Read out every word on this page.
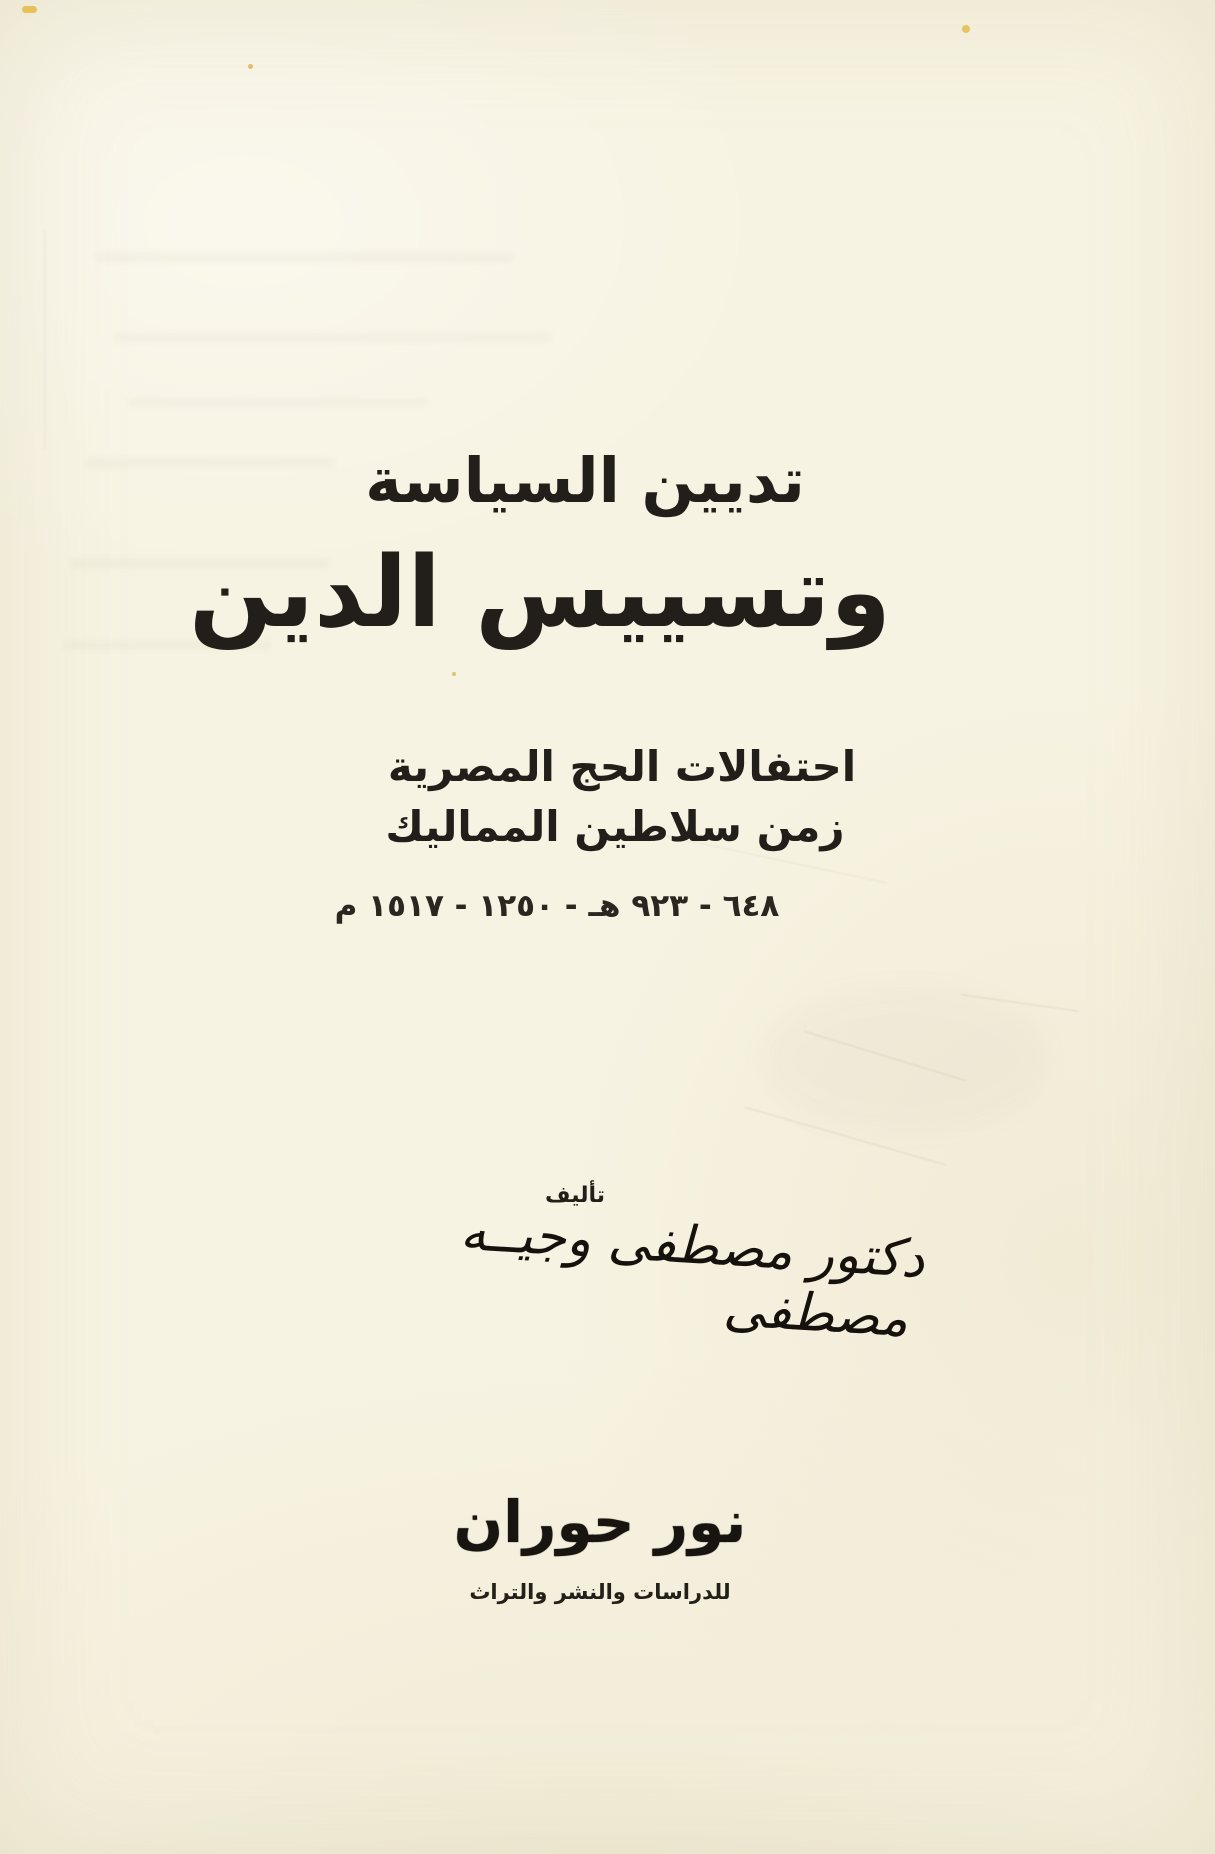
تديين السياسة
وتسييس الدين
احتفالات الحج المصرية
زمن سلاطين المماليك
٦٤٨ - ٩٢٣ هـ - ١٢٥٠ - ١٥١٧ م
تأليف
دكتور مصطفى وجيــه مصطفى
نور حوران
للدراسات والنشر والتراث
